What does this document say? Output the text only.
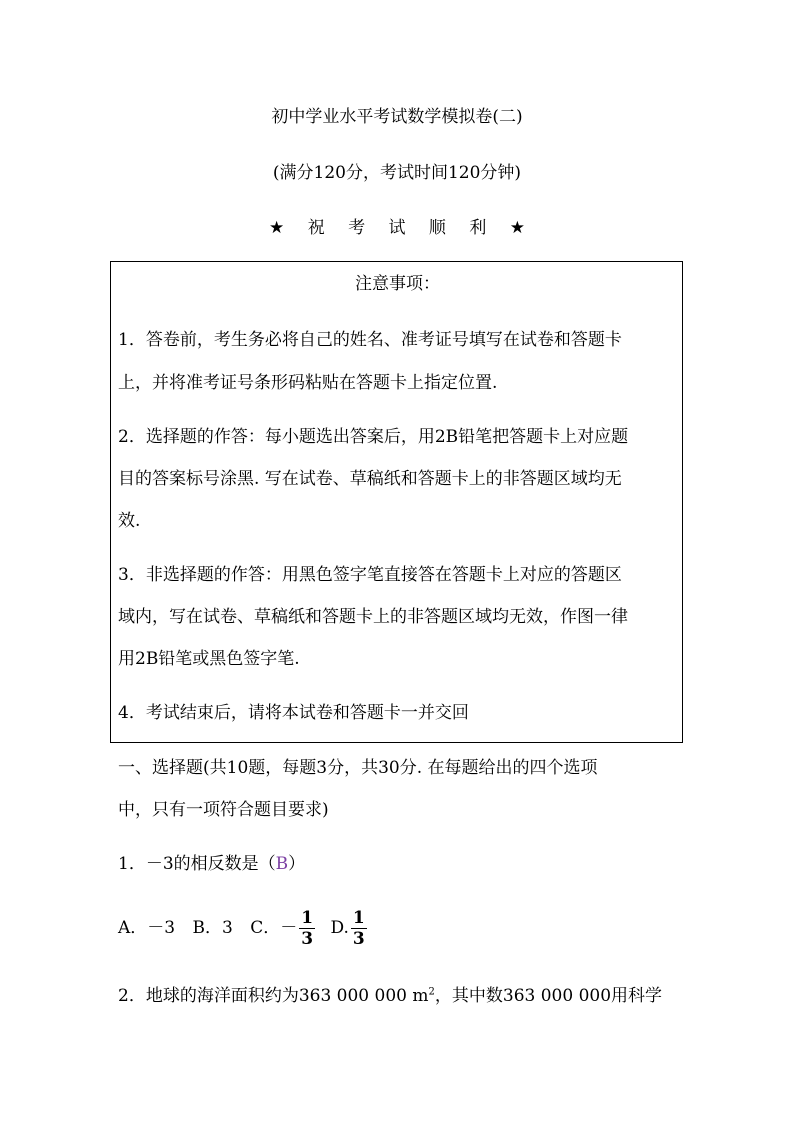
初中学业水平考试数学模拟卷(二)
(满分120分，考试时间120分钟)
★ 祝 考 试 顺 利 ★
注意事项：
1．答卷前，考生务必将自己的姓名、准考证号填写在试卷和答题卡
上，并将准考证号条形码粘贴在答题卡上指定位置.
2．选择题的作答：每小题选出答案后，用2B铅笔把答题卡上对应题
目的答案标号涂黑. 写在试卷、草稿纸和答题卡上的非答题区域均无
效.
3．非选择题的作答：用黑色签字笔直接答在答题卡上对应的答题区
域内，写在试卷、草稿纸和答题卡上的非答题区域均无效，作图一律
用2B铅笔或黑色签字笔.
4．考试结束后，请将本试卷和答题卡一并交回
一、选择题(共10题，每题3分，共30分. 在每题给出的四个选项
中，只有一项符合题目要求)
1．－3的相反数是（B）
A．－3 B．3 C．－ $\frac{1}{3} D$. $\frac{1}{3}$
2．地球的海洋面积约为363 000 000 $m^2$，其中数363 000 000用科学
